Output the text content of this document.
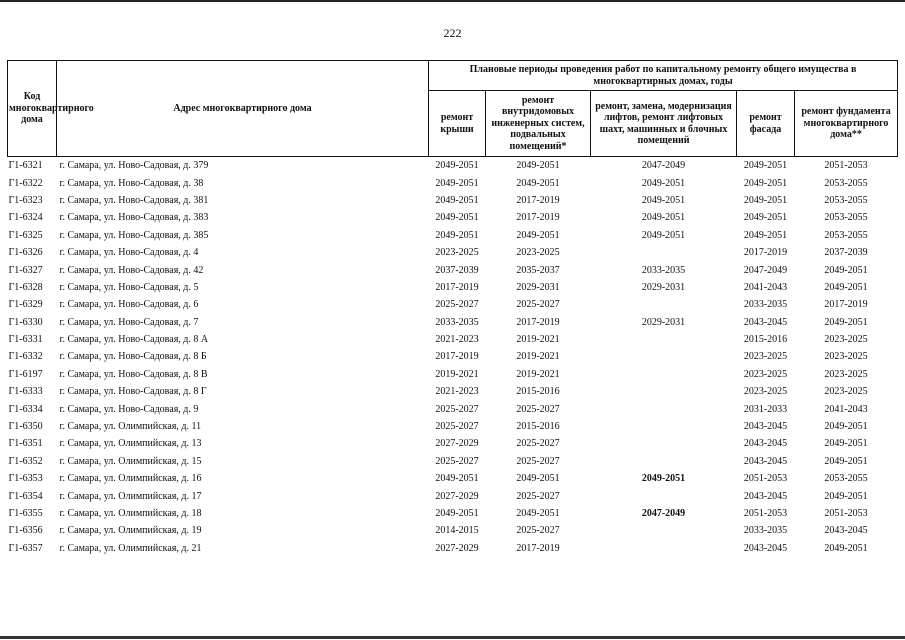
222
Код многоквартирного дома	Адрес многоквартирного дома	Плановые периоды проведения работ по капитальному ремонту общего имущества в многоквартирных домах, годы				
		ремонт крыши	ремонт внутридомовых инженерных систем, подвальных помещений*	ремонт, замена, модернизация лифтов, ремонт лифтовых шахт, машинных и блочных помещений	ремонт фасада	ремонт фундамента многоквартирного дома**
Г1-6321	г. Самара, ул. Ново-Садовая, д. 379	2049-2051	2049-2051	2047-2049	2049-2051	2051-2053
Г1-6322	г. Самара, ул. Ново-Садовая, д. 38	2049-2051	2049-2051	2049-2051	2049-2051	2053-2055
Г1-6323	г. Самара, ул. Ново-Садовая, д. 381	2049-2051	2017-2019	2049-2051	2049-2051	2053-2055
Г1-6324	г. Самара, ул. Ново-Садовая, д. 383	2049-2051	2017-2019	2049-2051	2049-2051	2053-2055
Г1-6325	г. Самара, ул. Ново-Садовая, д. 385	2049-2051	2049-2051	2049-2051	2049-2051	2053-2055
Г1-6326	г. Самара, ул. Ново-Садовая, д. 4	2023-2025	2023-2025		2017-2019	2037-2039
Г1-6327	г. Самара, ул. Ново-Садовая, д. 42	2037-2039	2035-2037	2033-2035	2047-2049	2049-2051
Г1-6328	г. Самара, ул. Ново-Садовая, д. 5	2017-2019	2029-2031	2029-2031	2041-2043	2049-2051
Г1-6329	г. Самара, ул. Ново-Садовая, д. 6	2025-2027	2025-2027		2033-2035	2017-2019
Г1-6330	г. Самара, ул. Ново-Садовая, д. 7	2033-2035	2017-2019	2029-2031	2043-2045	2049-2051
Г1-6331	г. Самара, ул. Ново-Садовая, д. 8 А	2021-2023	2019-2021		2015-2016	2023-2025
Г1-6332	г. Самара, ул. Ново-Садовая, д. 8 Б	2017-2019	2019-2021		2023-2025	2023-2025
Г1-6197	г. Самара, ул. Ново-Садовая, д. 8 В	2019-2021	2019-2021		2023-2025	2023-2025
Г1-6333	г. Самара, ул. Ново-Садовая, д. 8 Г	2021-2023	2015-2016		2023-2025	2023-2025
Г1-6334	г. Самара, ул. Ново-Садовая, д. 9	2025-2027	2025-2027		2031-2033	2041-2043
Г1-6350	г. Самара, ул. Олимпийская, д. 11	2025-2027	2015-2016		2043-2045	2049-2051
Г1-6351	г. Самара, ул. Олимпийская, д. 13	2027-2029	2025-2027		2043-2045	2049-2051
Г1-6352	г. Самара, ул. Олимпийская, д. 15	2025-2027	2025-2027		2043-2045	2049-2051
Г1-6353	г. Самара, ул. Олимпийская, д. 16	2049-2051	2049-2051	2049-2051	2051-2053	2053-2055
Г1-6354	г. Самара, ул. Олимпийская, д. 17	2027-2029	2025-2027		2043-2045	2049-2051
Г1-6355	г. Самара, ул. Олимпийская, д. 18	2049-2051	2049-2051	2047-2049	2051-2053	2051-2053
Г1-6356	г. Самара, ул. Олимпийская, д. 19	2014-2015	2025-2027		2033-2035	2043-2045
Г1-6357	г. Самара, ул. Олимпийская, д. 21	2027-2029	2017-2019		2043-2045	2049-2051
